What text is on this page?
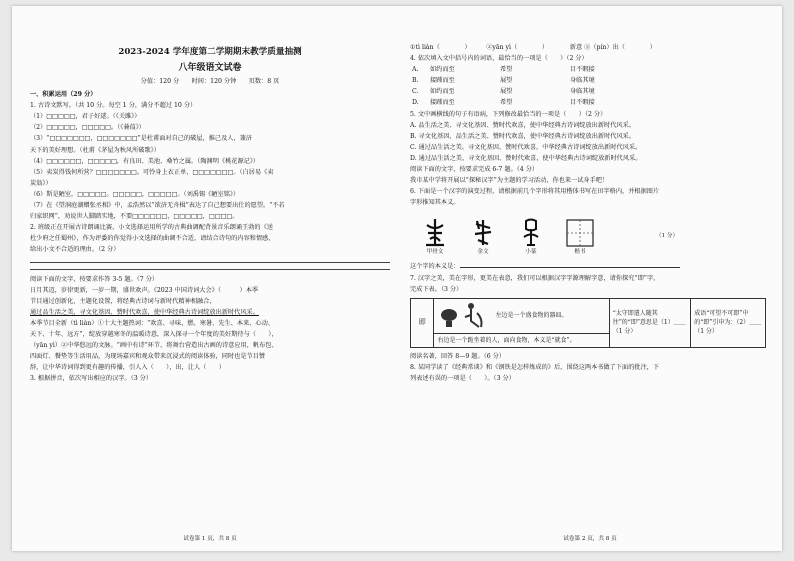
2023-2024 学年度第二学期期末教学质量抽测
八年级语文试卷
分值：120 分　　时间：120 分钟　　页数：8 页
一、积累运用（29 分）

1. 古诗文默写。（共 10 分。每空 1 分，满分不超过 10 分）

（1）□□□□□，君子好逑。（《关雎》）

（2）□□□□□，□□□□□。（《蒹葭》）

（3）“□□□□□□□，□□□□□□□”是杜甫面对自己的破屋，推己及人，兼济

天下的美好理想。（杜甫《茅屋为秋风所破歌》）

（4）□□□□□□，□□□□□，有良田、美池、桑竹之属。（陶渊明《桃花源记》）

（5）卖炭得钱何所营？□□□□□□□。可怜身上衣正单，□□□□□□□。（白居易《卖

炭翁》）

（6）斯是陋室，□□□□□。□□□□□，□□□□□。（刘禹锡《陋室铭》）

（7）在《望洞庭湖赠张丞相》中，孟浩然以“欲济无舟楫”表达了自己想要出仕的愿望。“不若

归家织网”，劝说世人脚踏实地，不要□□□□□□，□□□□□，□□□□。

2. 班级正在开展古诗朗诵比赛，小文选择运用所学的古典曲调配背景音乐朗诵王勃的《送

杜少府之任蜀州》，作为评委的你觉得小文选择的曲调不合适，请结合诗句的内容和情感，

给出小文不合适的理由。（2 分）

阅读下面的文字，按要求作答 3-5 题。（7 分）

日月其迈，岁律更新，一岁一期，盛世欢声。《2023 中国诗词大会》（　　　）本季

节目通过创新化、主题化设置，将经典古诗词与新时代精神相融合，

通过品生活之美、寻文化基因、赞时代欢喜，使中华经典古诗词绽放出新时代风采。

本季节目全新（tì liàn）①十大主题热词：“欢喜、寻味、燃、寒暑、先生、本来、心动、

天下、十年、远方”，绽放穿越寒冬的温暖诗意，深入探寻一个年度的美好期待与（　　），

（yān yì）②中华悠远的文脉。“画中有诗”环节，将舞台营造出古画的诗意应用，帆布包、

四面灯、餐垫等生活用品，为现场嘉宾和观众带来沉浸式的阅读体验，同时也是节目赞

辞，让中华诗词得到更有趣的传播，引人入（　　），出，让人（　　）

3. 根据拼音，依次写出相应的汉字。（3 分）

试卷第 1 页，共 8 页

①tì liàn（　　　　）　　　②yān yì（　　　　）　　　　新意 ③（pín）出（　　　　）

4. 依次填入文中括号内的词语，最恰当的一项是（　　）（2 分）

A.	如约而至	希望	目不暇接
B.	接踵而至	展望	身临其境
C.	如约而至	展望	身临其境
D.	接踵而至	希望	目不暇接

5. 文中画横线的句子有语病，下列修改最恰当的一项是（　　）（2 分）

A. 品生活之美、寻文化基因、赞时代欢喜，使中华经典古诗词绽放出新时代风采。

B. 寻文化基因、品生活之美、赞时代欢喜，使中华经典古诗词绽放出新时代风采。

C. 通过品生活之美、寻文化基因、赞时代欢喜，中华经典古诗词绽放出新时代风采。

D. 通过品生活之美、寻文化基因、赞时代欢喜，使中华经典古诗词绽放新时代风采。

阅读下面的文字，按要求完成 6-7 题。（4 分）

我市某中学将开展以“探秘汉字”为主题的学习活动，你也来一试身手吧！

6. 下面是一个汉字的演变过程，请根据前几个字形将其用楷体书写在田字格内，并根据图片

字形推知其本义。

甲骨文	金文	小篆	楷书
（1 分）

这个字的本义是：

7. 汉字之美，美在字形，更美在表意，我们可以根据汉字字源理解字意，请你探究“即”字，

完成下表。（3 分）

即	
左边是一个盛食物的器皿。	“太守即遣人随其往”的“即”意思是（1）＿＿（1 分）	成语“可望不可即”中的“即”引申为：（2）＿＿（1 分）
右边是一个跪坐着的人，面向食物，本义是“就食”。

阅读名著，回答 8—9 题。（6 分）

8. 某同学读了《经典常谈》和《钢铁是怎样炼成的》后，围绕这两本书做了下面的批注，下

列表述有误的一项是（　　）。（3 分）

试卷第 2 页，共 8 页
